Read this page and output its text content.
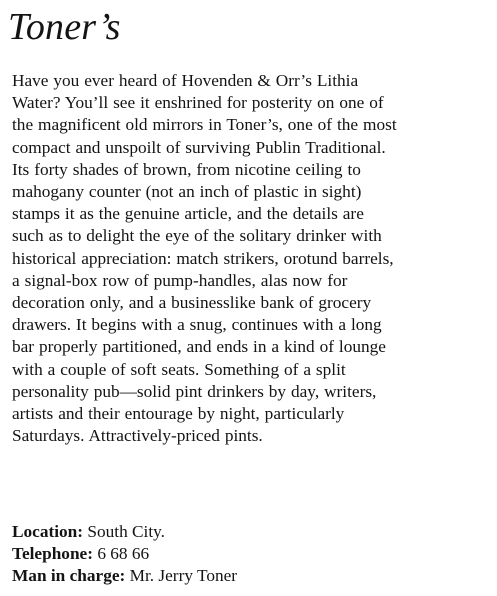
Toner’s

Have you ever heard of Hovenden & Orr’s Lithia
Water? You’ll see it enshrined for posterity on one of
the magnificent old mirrors in Toner’s, one of the most
compact and unspoilt of surviving Publin Traditional.
Its forty shades of brown, from nicotine ceiling to
mahogany counter (not an inch of plastic in sight)
stamps it as the genuine article, and the details are
such as to delight the eye of the solitary drinker with
historical appreciation: match strikers, orotund barrels,
a signal-box row of pump-handles, alas now for
decoration only, and a businesslike bank of grocery
drawers. It begins with a snug, continues with a long
bar properly partitioned, and ends in a kind of lounge
with a couple of soft seats. Something of a split
personality pub—solid pint drinkers by day, writers,
artists and their entourage by night, particularly
Saturdays. Attractively-priced pints.

Location: South City.
Telephone: 6 68 66
Man in charge: Mr. Jerry Toner
